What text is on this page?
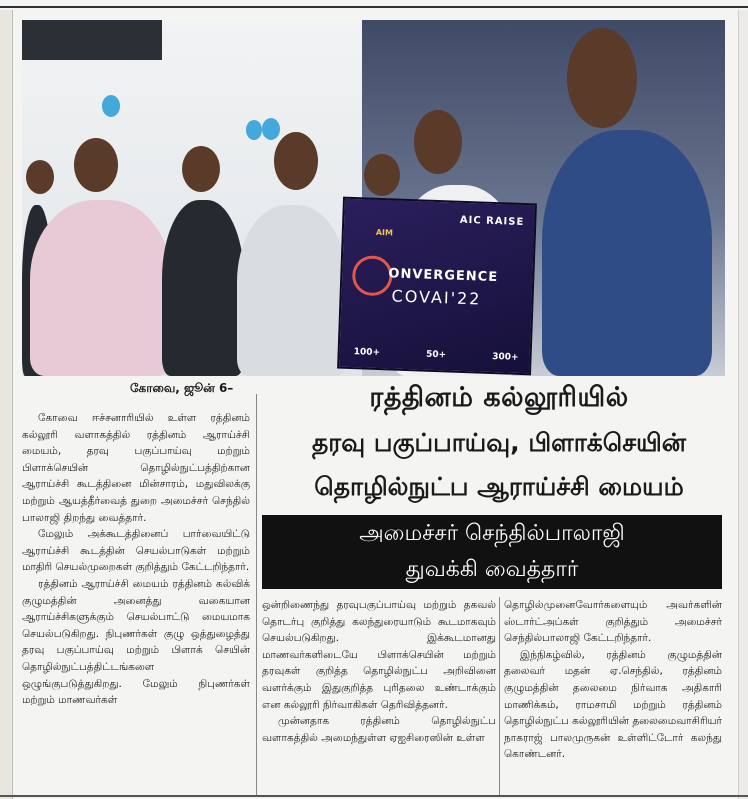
AIC RAISE
AIM
ONVERGENCE
COVAI'22
100+	50+	300+
கோவை, ஜூன் 6–	ரத்தினம் கல்லூரியில்
தரவு பகுப்பாய்வு, பிளாக்செயின்
தொழில்நுட்ப ஆராய்ச்சி மையம்
அமைச்சர் செந்தில்பாலாஜி
துவக்கி வைத்தார்

கோவை ஈச்சனாரியில் உள்ள ரத்தினம் கல்லூரி வளாகத்தில் ரத்தினம் ஆராய்ச்சி மையம், தரவு பகுப்பாய்வு மற்றும் பிளாக்செயின் தொழில்நுட்பத்திற்கான ஆராய்ச்சி கூடத்தினை மின்சாரம், மதுவிலக்கு மற்றும் ஆயத்தீர்வைத் துறை அமைச்சர் செந்தில் பாலாஜி திறந்து வைத்தார்.

மேலும் அக்கூடத்தினைப் பார்வையிட்டு ஆராய்ச்சி கூடத்தின் செயல்பாடுகள் மற்றும் மாதிரி செயல்முறைகள் குறித்தும் கேட்டறிந்தார்.

ரத்தினம் ஆராய்ச்சி மையம் ரத்தினம் கல்விக் குழுமத்தின் அனைத்து வகையான ஆராய்ச்சிகளுக்கும் செயல்பாட்டு மையமாக செயல்படுகிறது. நிபுணர்கள் குழு ஒத்துழைத்து தரவு பகுப்பாய்வு மற்றும் பிளாக் செயின் தொழில்நுட்பத்திட்டங்களை ஒழுங்குபடுத்துகிறது. மேலும் நிபுணர்கள் மற்றும் மாணவர்கள்

ஒன்றிணைந்து தரவுபகுப்பாய்வு மற்றும் தகவல் தொடர்பு குறித்து கலந்துரையாடும் கூடமாகவும் செயல்படுகிறது. இக்கூடமானது மாணவர்களிடையே பிளாக்செயின் மற்றும் தரவுகள் குறித்த தொழில்நுட்ப அறிவினை வளர்க்கும் இதுகுறித்த புரிதலை உண்டாக்கும் என கல்லூரி நிர்வாகிகள் தெரிவித்தனர்.

முன்னதாக ரத்தினம் தொழில்நுட்ப வளாகத்தில் அமைந்துள்ள ஏஐசிரைஸின் உள்ள

தொழில்முனைவோர்களையும் அவர்களின் ஸ்டார்ட்அப்கள் குறித்தும் அமைச்சர் செந்தில்பாலாஜி கேட்டறிந்தார்.

இந்நிகழ்வில், ரத்தினம் குழுமத்தின் தலைவர் மதன் ஏ.செந்தில், ரத்தினம் குழுமத்தின் தலைமை நிர்வாக அதிகாரி மாணிக்கம், ராமசாமி மற்றும் ரத்தினம் தொழில்நுட்ப கல்லூரியின் தலைமைவாசிரியர் நாகராஜ் பாலமுருகன் உள்ளிட்டோர் கலந்து கொண்டனர்.
